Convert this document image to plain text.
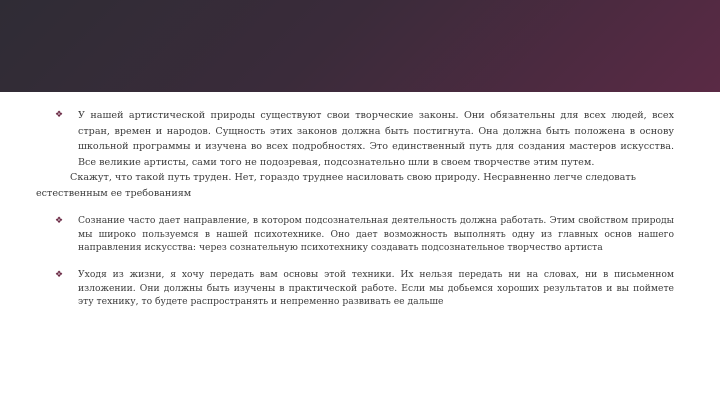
❖ У нашей артистической природы существуют свои творческие законы. Они обязательны для всех людей, всех стран, времен и народов. Сущность этих законов должна быть постигнута. Она должна быть положена в основу школьной программы и изучена во всех подробностях. Это единственный путь для создания мастеров искусства. Все великие артисты, сами того не подозревая, подсознательно шли в своем творчестве этим путем.
Скажут, что такой путь труден. Нет, гораздо труднее насиловать свою природу. Несравненно легче следовать естественным ее требованиям
❖ Сознание часто дает направление, в котором подсознательная деятельность должна работать. Этим свойством природы мы широко пользуемся в нашей психотехнике. Оно дает возможность выполнять одну из главных основ нашего направления искусства: через сознательную психотехнику создавать подсознательное творчество артиста
❖ Уходя из жизни, я хочу передать вам основы этой техники. Их нельзя передать ни на словах, ни в письменном изложении. Они должны быть изучены в практической работе. Если мы добьемся хороших результатов и вы поймете эту технику, то будете распространять и непременно развивать ее дальше
